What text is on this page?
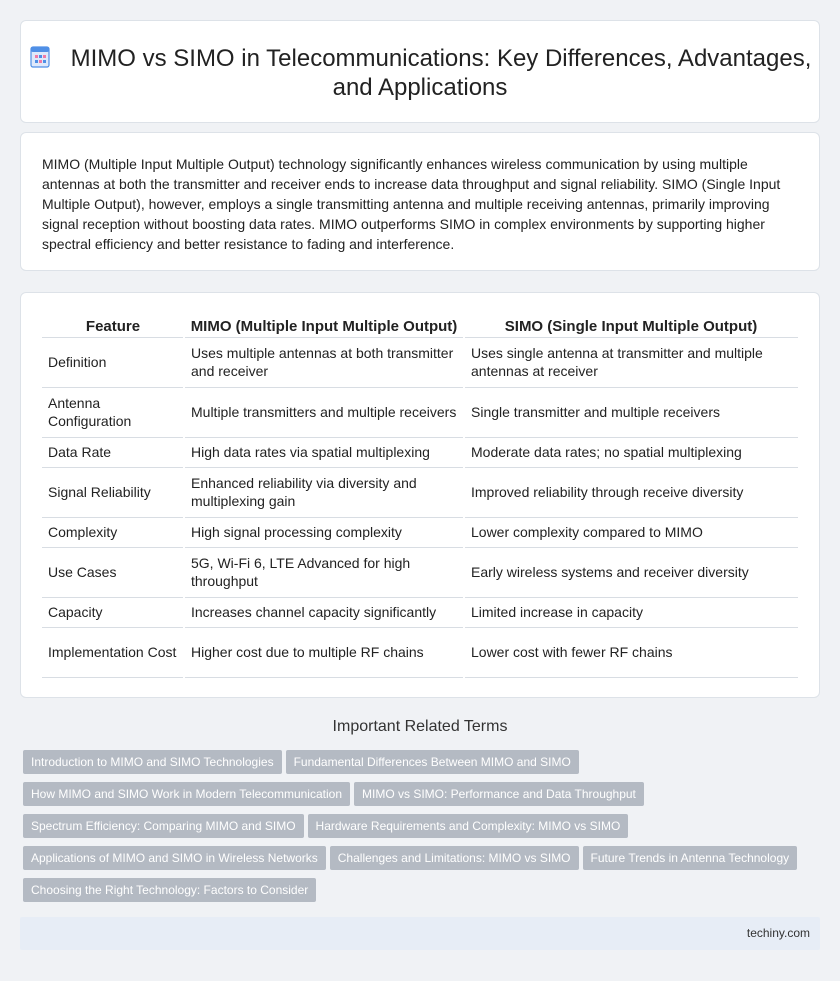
MIMO vs SIMO in Telecommunications: Key Differences, Advantages, and Applications

MIMO (Multiple Input Multiple Output) technology significantly enhances wireless communication by using multiple antennas at both the transmitter and receiver ends to increase data throughput and signal reliability. SIMO (Single Input Multiple Output), however, employs a single transmitting antenna and multiple receiving antennas, primarily improving signal reception without boosting data rates. MIMO outperforms SIMO in complex environments by supporting higher spectral efficiency and better resistance to fading and interference.

Feature	MIMO (Multiple Input Multiple Output)	SIMO (Single Input Multiple Output)
Definition	Uses multiple antennas at both transmitter and receiver	Uses single antenna at transmitter and multiple antennas at receiver
Antenna Configuration	Multiple transmitters and multiple receivers	Single transmitter and multiple receivers
Data Rate	High data rates via spatial multiplexing	Moderate data rates; no spatial multiplexing
Signal Reliability	Enhanced reliability via diversity and multiplexing gain	Improved reliability through receive diversity
Complexity	High signal processing complexity	Lower complexity compared to MIMO
Use Cases	5G, Wi-Fi 6, LTE Advanced for high throughput	Early wireless systems and receiver diversity
Capacity	Increases channel capacity significantly	Limited increase in capacity
Implementation Cost	Higher cost due to multiple RF chains	Lower cost with fewer RF chains
Important Related Terms
Introduction to MIMO and SIMO Technologies Fundamental Differences Between MIMO and SIMO
How MIMO and SIMO Work in Modern Telecommunication MIMO vs SIMO: Performance and Data Throughput
Spectrum Efficiency: Comparing MIMO and SIMO Hardware Requirements and Complexity: MIMO vs SIMO
Applications of MIMO and SIMO in Wireless Networks Challenges and Limitations: MIMO vs SIMO Future Trends in Antenna Technology
Choosing the Right Technology: Factors to Consider
techiny.com
